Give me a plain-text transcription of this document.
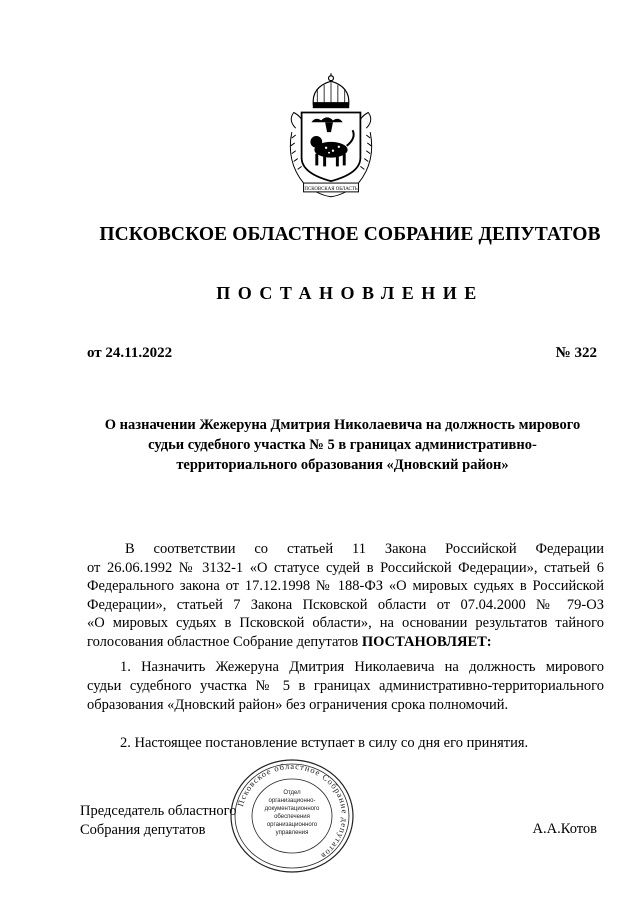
ПСКОВСКАЯ ОБЛАСТЬ
ПСКОВСКОЕ ОБЛАСТНОЕ СОБРАНИЕ ДЕПУТАТОВ
ПОСТАНОВЛЕНИЕ
от 24.11.2022	№ 322
О назначении Жежеруна Дмитрия Николаевича на должность мирового
судьи судебного участка № 5 в границах административно-
территориального образования «Дновский район»
В соответствии со статьей 11 Закона Российской Федерации
от 26.06.1992 № 3132-1 «О статусе судей в Российской Федерации», статьей 6
Федерального закона от 17.12.1998 № 188-ФЗ «О мировых судьях в Российской
Федерации», статьей 7 Закона Псковской области от 07.04.2000 № 79-ОЗ
«О мировых судьях в Псковской области», на основании результатов тайного
голосования областное Собрание депутатов ПОСТАНОВЛЯЕТ:
1. Назначить Жежеруна Дмитрия Николаевича на должность мирового
судьи судебного участка № 5 в границах административно-территориального
образования «Дновский район» без ограничения срока полномочий.
2. Настоящее постановление вступает в силу со дня его принятия.
Председатель областного
Собрания депутатов	А.А.Котов
Псковское областное Собрание депутатов
Отдел
организационно-
документационного
обеспечения
организационного
управления
